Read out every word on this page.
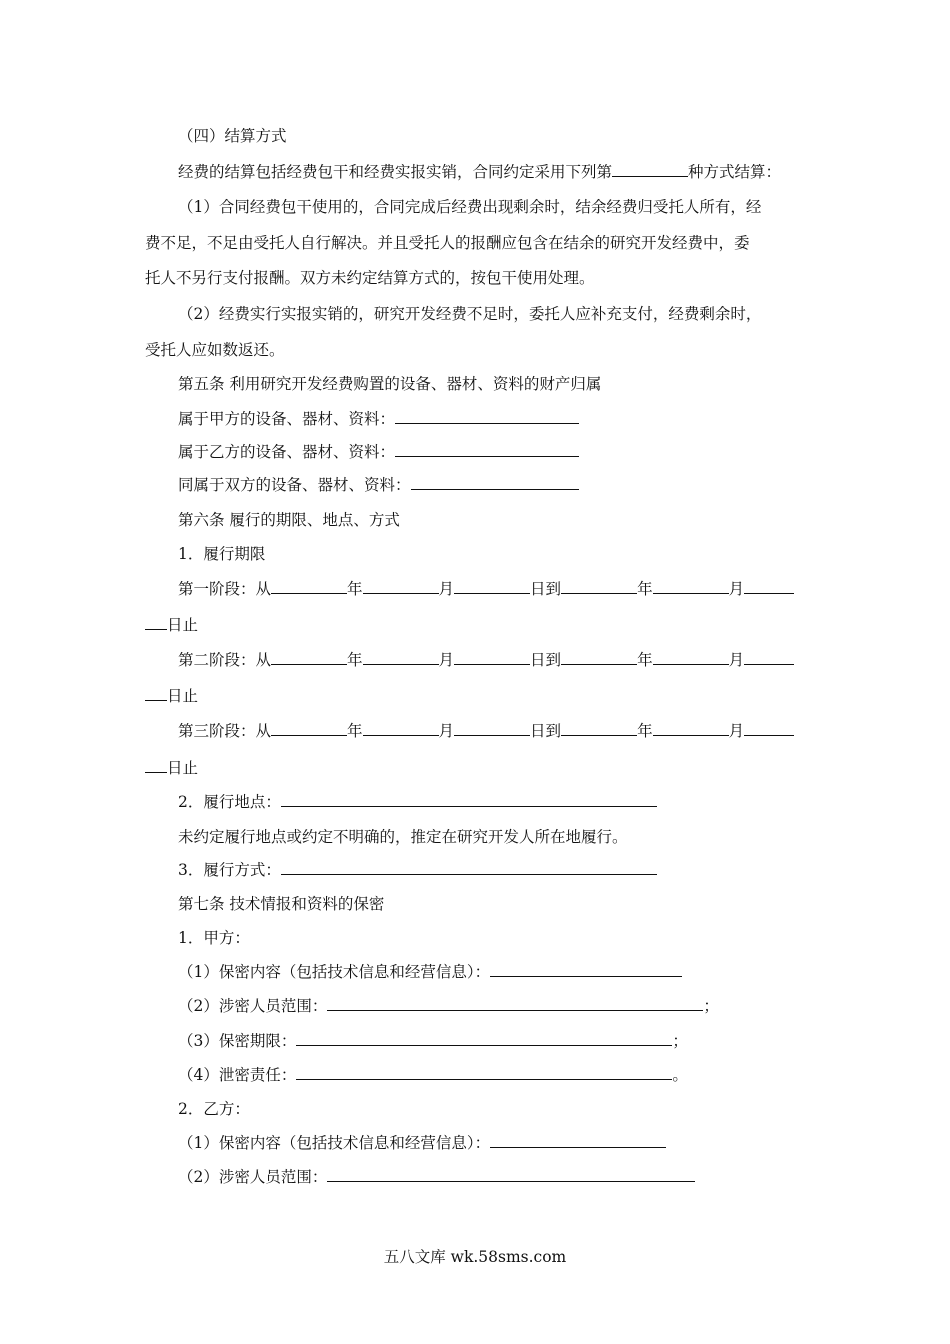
（四）结算方式
经费的结算包括经费包干和经费实报实销，合同约定采用下列第	种方式结算：
（1）合同经费包干使用的，合同完成后经费出现剩余时，结余经费归受托人所有，经
费不足，不足由受托人自行解决。并且受托人的报酬应包含在结余的研究开发经费中，委
托人不另行支付报酬。双方未约定结算方式的，按包干使用处理。
（2）经费实行实报实销的，研究开发经费不足时，委托人应补充支付，经费剩余时，
受托人应如数返还。
第五条 利用研究开发经费购置的设备、器材、资料的财产归属
属于甲方的设备、器材、资料：
属于乙方的设备、器材、资料：
同属于双方的设备、器材、资料：
第六条 履行的期限、地点、方式
1．履行期限
第一阶段：从	年	月	日到	年	月
日止
第二阶段：从	年	月	日到	年	月
日止
第三阶段：从	年	月	日到	年	月
日止
2．履行地点：
未约定履行地点或约定不明确的，推定在研究开发人所在地履行。
3．履行方式：
第七条 技术情报和资料的保密
1．甲方：
（1）保密内容（包括技术信息和经营信息）：
（2）涉密人员范围：	；
（3）保密期限：	；
（4）泄密责任：	。
2．乙方：
（1）保密内容（包括技术信息和经营信息）：
（2）涉密人员范围：
五八文库 wk.58sms.com
